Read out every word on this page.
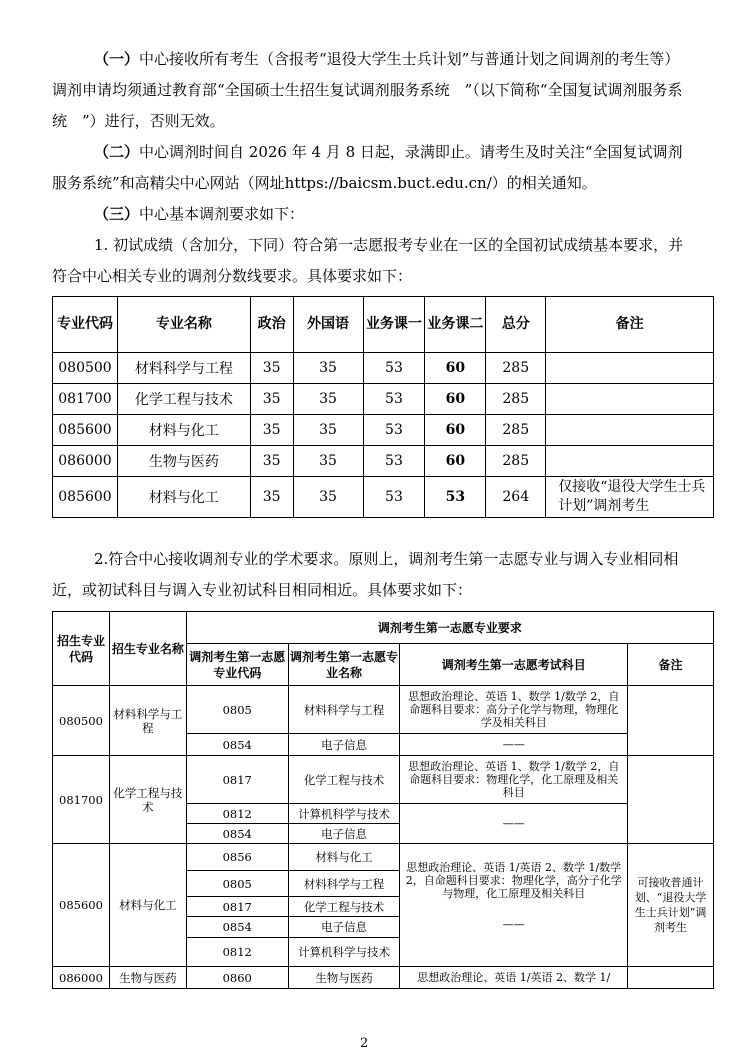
（一）中心接收所有考生（含报考“退役大学生士兵计划”与普通计划之间调剂的考生等）调剂申请均须通过教育部“全国硕士生招生复试调剂服务系统　”（以下简称“全国复试调剂服务系统　”）进行，否则无效。

（二）中心调剂时间自 2026 年 4 月 8 日起，录满即止。请考生及时关注“全国复试调剂服务系统”和高精尖中心网站（网址https://baicsm.buct.edu.cn/）的相关通知。

（三）中心基本调剂要求如下：

1. 初试成绩（含加分，下同）符合第一志愿报考专业在一区的全国初试成绩基本要求，并符合中心相关专业的调剂分数线要求。具体要求如下：

专业代码	专业名称	政治	外国语	业务课一	业务课二	总分	备注
080500	材料科学与工程	35	35	53	60	285	
081700	化学工程与技术	35	35	53	60	285	
085600	材料与化工	35	35	53	60	285	
086000	生物与医药	35	35	53	60	285	
085600	材料与化工	35	35	53	53	264	仅接收“退役大学生士兵计划”调剂考生

2.符合中心接收调剂专业的学术要求。原则上，调剂考生第一志愿专业与调入专业相同相近，或初试科目与调入专业初试科目相同相近。具体要求如下：

招生专业代码	招生专业名称	调剂考生第一志愿专业要求			
		调剂考生第一志愿专业代码	调剂考生第一志愿专业名称	调剂考生第一志愿考试科目	备注
080500	材料科学与工程	0805	材料科学与工程	思想政治理论、英语 1、数学 1/数学 2，自命题科目要求：高分子化学与物理，物理化学及相关科目	
		0854	电子信息	——	
081700	化学工程与技术	0817	化学工程与技术	思想政治理论、英语 1、数学 1/数学 2，自命题科目要求：物理化学，化工原理及相关科目	
		0812	计算机科学与技术	——	
		0854	电子信息		
085600	材料与化工	0856	材料与化工	思想政治理论、英语 1/英语 2、数学 1/数学 2，自命题科目要求：物理化学，高分子化学与物理，化工原理及相关科目	可接收普通计划、“退役大学生士兵计划”调剂考生
		0805	材料科学与工程		
		0817	化学工程与技术		
		0854	电子信息	——	
		0812	计算机科学与技术		
086000	生物与医药	0860	生物与医药	思想政治理论、英语 1/英语 2、数学 1/	
2
